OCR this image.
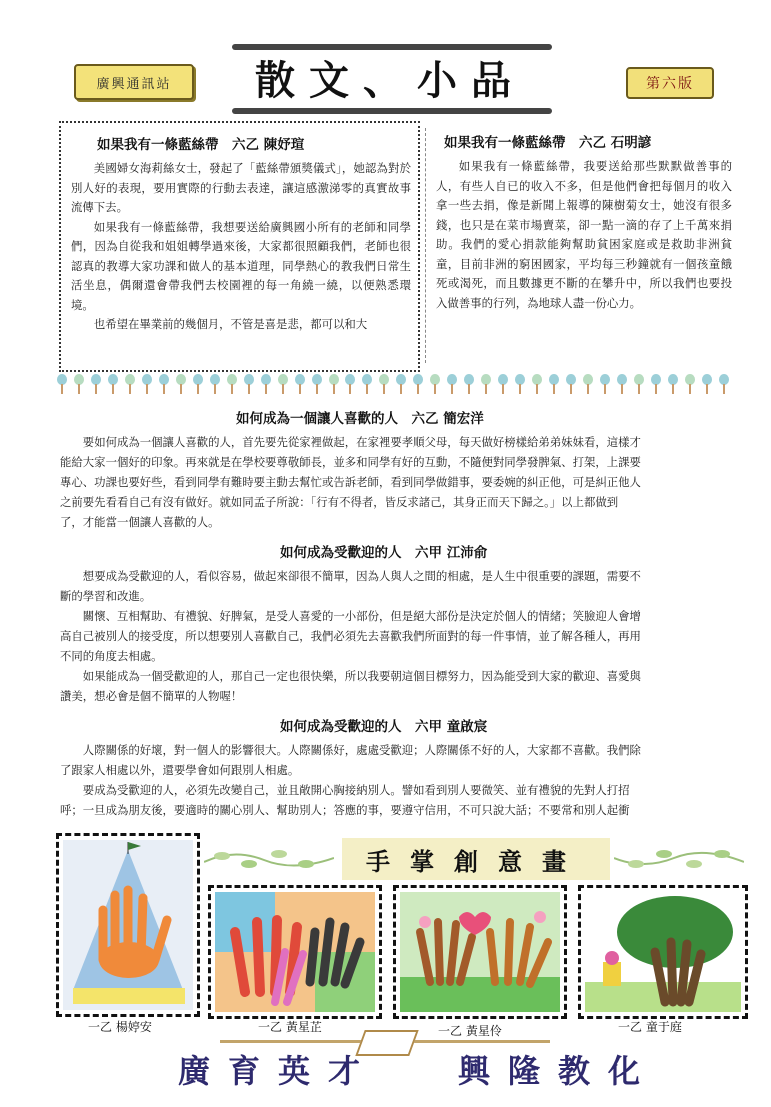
廣興通訊站	散文、小品	第六版
如果我有一條藍絲帶　六乙 陳妤瑄

美國婦女海莉絲女士，發起了「藍絲帶頒獎儀式」，她認為對於別人好的表現，要用實際的行動去表達，讓這感激涕零的真實故事流傳下去。

如果我有一條藍絲帶，我想要送給廣興國小所有的老師和同學們，因為自從我和姐姐轉學過來後，大家都很照顧我們，老師也很認真的教導大家功課和做人的基本道理，同學熱心的教我們日常生活坐息，偶爾還會帶我們去校園裡的每一角繞一繞，以便熟悉環境。

也希望在畢業前的幾個月，不管是喜是悲，都可以和大

如果我有一條藍絲帶　六乙 石明諺

如果我有一條藍絲帶，我要送給那些默默做善事的人，有些人自已的收入不多，但是他們會把每個月的收入拿一些去捐，像是新聞上報導的陳樹菊女士，她沒有很多錢，也只是在菜市場賣菜，卻一點一滴的存了上千萬來捐助。我們的愛心捐款能夠幫助貧困家庭或是救助非洲貧童，目前非洲的窮困國家，平均每三秒鐘就有一個孩童餓死或渴死，而且數據更不斷的在攀升中，所以我們也要投入做善事的行列，為地球人盡一份心力。

如何成為一個讓人喜歡的人　六乙 簡宏洋
要如何成為一個讓人喜歡的人，首先要先從家裡做起，在家裡要孝順父母，每天做好榜樣給弟弟妹妹看，這樣才
能給大家一個好的印象。再來就是在學校要尊敬師長，並多和同學有好的互動，不隨便對同學發脾氣、打架，上課要
專心、功課也要好些，看到同學有難時要主動去幫忙或告訴老師，看到同學做錯事，要委婉的糾正他，可是糾正他人
之前要先看看自己有沒有做好。就如同孟子所說：「行有不得者，皆反求諸己，其身正而天下歸之。」以上都做到
了，才能當一個讓人喜歡的人。
如何成為受歡迎的人　六甲 江沛俞
想要成為受歡迎的人，看似容易，做起來卻很不簡單，因為人與人之間的相處，是人生中很重要的課題，需要不
斷的學習和改進。
關懷、互相幫助、有禮貌、好脾氣，是受人喜愛的一小部份，但是絕大部份是決定於個人的情緒；笑臉迎人會增
高自己被別人的接受度，所以想要別人喜歡自己，我們必須先去喜歡我們所面對的每一件事情，並了解各種人，再用
不同的角度去相處。
如果能成為一個受歡迎的人，那自己一定也很快樂，所以我要朝這個目標努力，因為能受到大家的歡迎、喜愛與
讚美，想必會是個不簡單的人物喔！
如何成為受歡迎的人　六甲 童啟宸
人際關係的好壞，對一個人的影響很大。人際關係好，處處受歡迎；人際關係不好的人，大家都不喜歡。我們除
了跟家人相處以外，還要學會如何跟別人相處。
要成為受歡迎的人，必須先改變自己，並且敞開心胸接納別人。譬如看到別人要微笑、並有禮貌的先對人打招
呼；一旦成為朋友後，要適時的關心別人、幫助別人；答應的事，要遵守信用，不可只說大話；不要常和別人起衝
手掌創意畫
一乙 楊婷安	一乙 黃星芷	一乙 黃星伶	一乙 童于庭
廣育英才 興隆教化
